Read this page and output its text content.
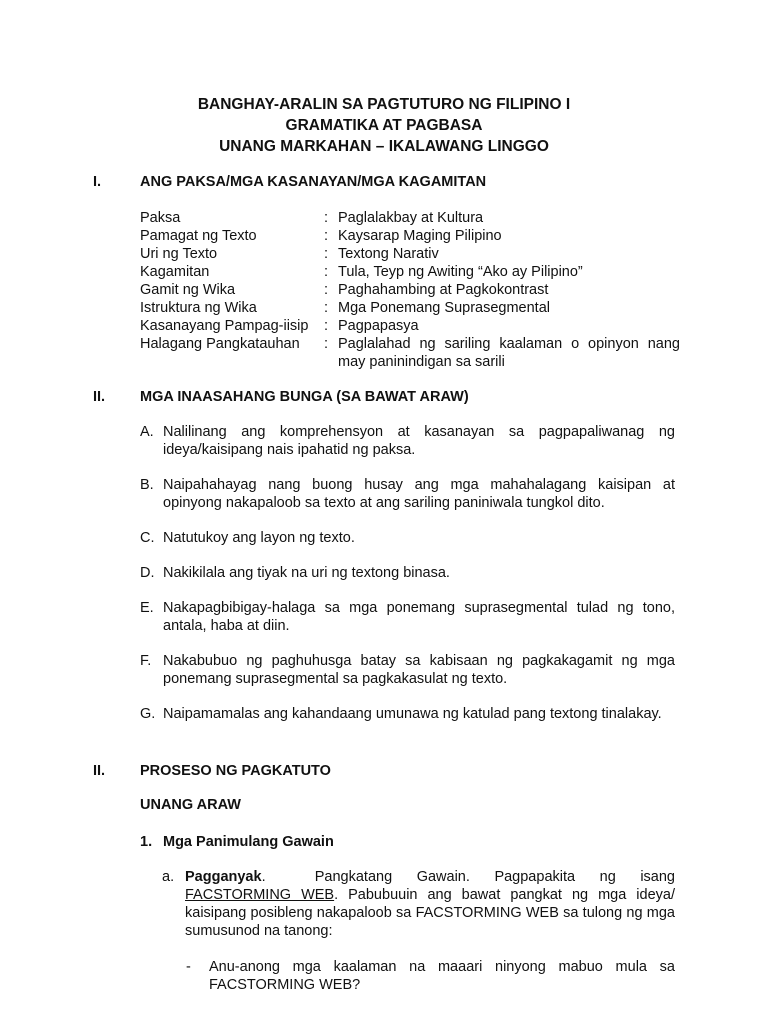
BANGHAY-ARALIN SA PAGTUTURO NG FILIPINO I
GRAMATIKA AT PAGBASA
UNANG MARKAHAN – IKALAWANG LINGGO
I.	ANG PAKSA/MGA KASANAYAN/MGA KAGAMITAN
Paksa	: Paglalakbay at Kultura
Pamagat ng Texto	: Kaysarap Maging Pilipino
Uri ng Texto	: Textong Narativ
Kagamitan	: Tula, Teyp ng Awiting “Ako ay Pilipino”
Gamit ng Wika	: Paghahambing at Pagkokontrast
Istruktura ng Wika	: Mga Ponemang Suprasegmental
Kasanayang Pampag-iisip	: Pagpapasya
Halagang Pangkatauhan	: Paglalahad ng sariling kaalaman o opinyon nang may paninindigan sa sarili
II. MGA INAASAHANG BUNGA (SA BAWAT ARAW)
A. Nalilinang ang komprehensyon at kasanayan sa pagpapaliwanag ng ideya/kaisipang nais ipahatid ng paksa.
B. Naipahahayag nang buong husay ang mga mahahalagang kaisipan at opinyong nakapaloob sa texto at ang sariling paniniwala tungkol dito.
C. Natutukoy ang layon ng texto.
D. Nakikilala ang tiyak na uri ng textong binasa.
E. Nakapagbibigay-halaga sa mga ponemang suprasegmental tulad ng tono, antala, haba at diin.
F. Nakabubuo ng paghuhusga batay sa kabisaan ng pagkakagamit ng mga ponemang suprasegmental sa pagkakasulat ng texto.
G. Naipamamalas ang kahandaang umunawa ng katulad pang textong tinalakay.
II. PROSESO NG PAGKATUTO
UNANG ARAW
1. Mga Panimulang Gawain
a. Pagganyak.      Pangkatang   Gawain.   Pagpapakita   ng   isang FACSTORMING WEB. Pabubuuin ang bawat pangkat ng mga ideya/ kaisipang posibleng nakapaloob sa FACSTORMING WEB sa tulong ng mga sumusunod na tanong:
-	Anu-anong mga kaalaman na maaari ninyong mabuo mula sa FACSTORMING WEB?
